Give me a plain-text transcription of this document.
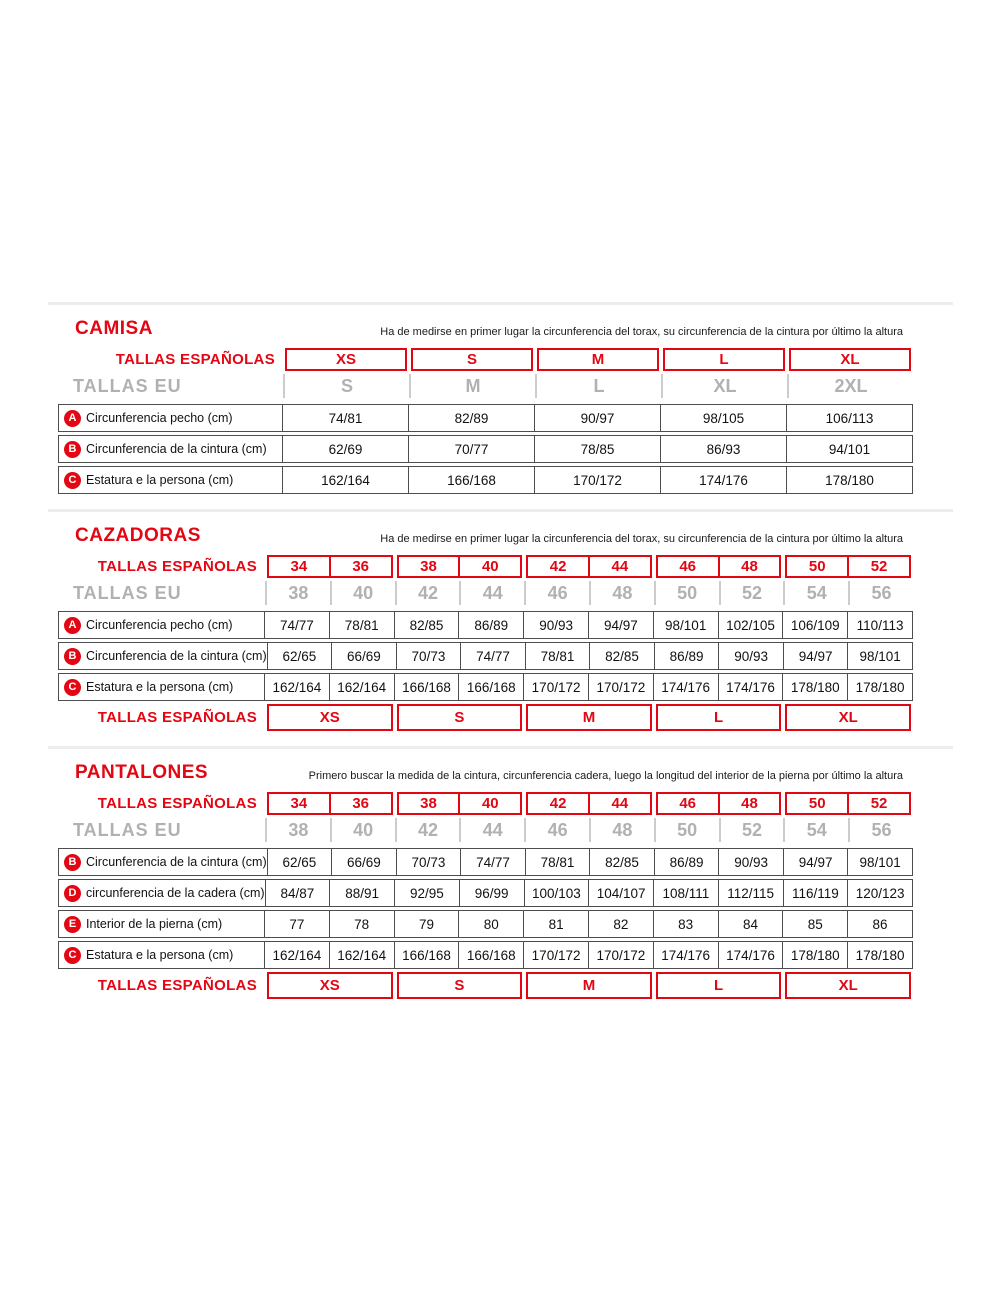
CAMISA	Ha de medirse en primer lugar la circunferencia del torax, su circunferencia de la cintura por último la altura

TALLAS ESPAÑOLAS	XS	S	M	L	XL
TALLAS EU	S	M	L	XL	2XL
A Circunferencia pecho (cm)	74/81	82/89	90/97	98/105	106/113
B Circunferencia de la cintura (cm)	62/69	70/77	78/85	86/93	94/101
C Estatura e la persona (cm)	162/164	166/168	170/172	174/176	178/180
CAZADORAS	Ha de medirse en primer lugar la circunferencia del torax, su circunferencia de la cintura por último la altura

TALLAS ESPAÑOLAS	34	36	38	40	42	44	46	48	50	52
TALLAS EU	38	40	42	44	46	48	50	52	54	56
A Circunferencia pecho (cm)	74/77	78/81	82/85	86/89	90/93	94/97	98/101	102/105	106/109	110/113
B Circunferencia de la cintura (cm)	62/65	66/69	70/73	74/77	78/81	82/85	86/89	90/93	94/97	98/101
C Estatura e la persona (cm)	162/164	162/164	166/168	166/168	170/172	170/172	174/176	174/176	178/180	178/180
TALLAS ESPAÑOLAS	XS	S	M	L	XL
PANTALONES	Primero buscar la medida de la cintura, circunferencia cadera, luego la longitud del interior de la pierna por último la altura

TALLAS ESPAÑOLAS	34	36	38	40	42	44	46	48	50	52
TALLAS EU	38	40	42	44	46	48	50	52	54	56
B Circunferencia de la cintura (cm)	62/65	66/69	70/73	74/77	78/81	82/85	86/89	90/93	94/97	98/101
D circunferencia de la cadera (cm)	84/87	88/91	92/95	96/99	100/103	104/107	108/111	112/115	116/119	120/123
E Interior de la pierna (cm)	77	78	79	80	81	82	83	84	85	86
C Estatura e la persona (cm)	162/164	162/164	166/168	166/168	170/172	170/172	174/176	174/176	178/180	178/180
TALLAS ESPAÑOLAS	XS	S	M	L	XL
